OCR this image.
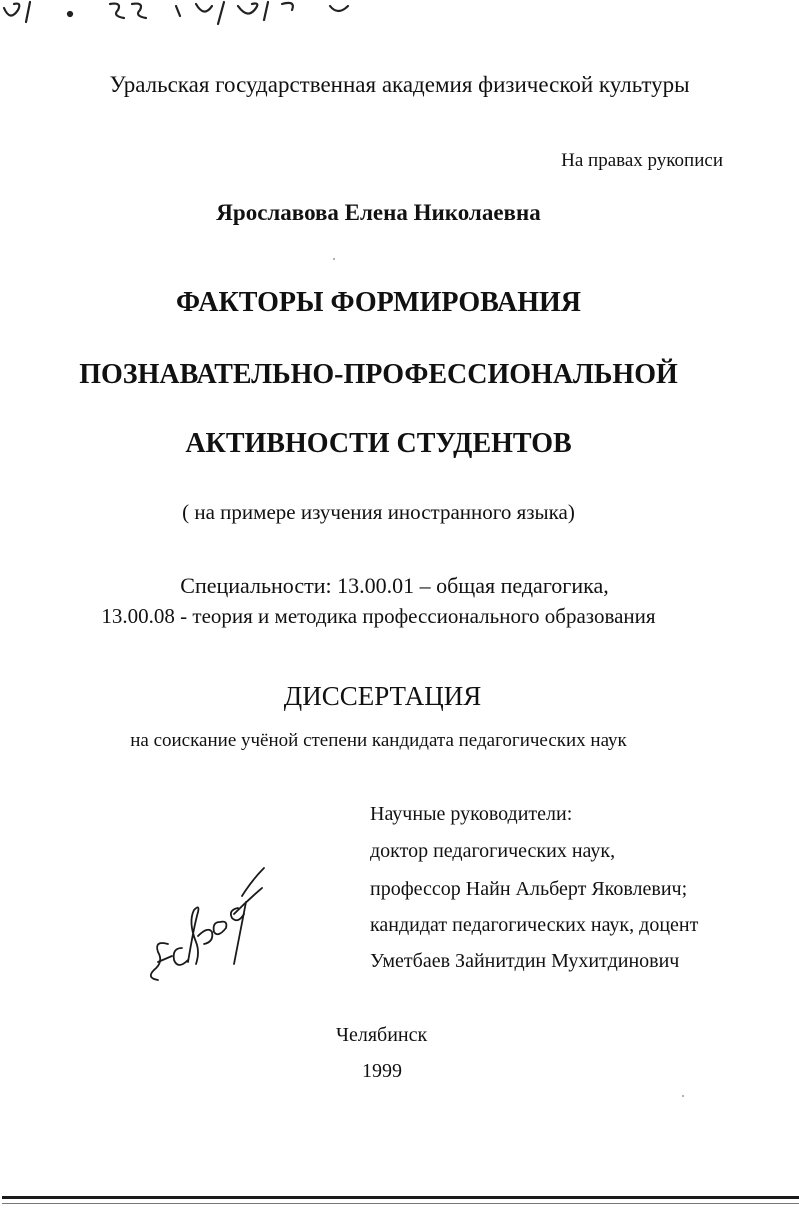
Уральская государственная академия физической культуры
На правах рукописи
Ярославова Елена Николаевна
ФАКТОРЫ ФОРМИРОВАНИЯ
ПОЗНАВАТЕЛЬНО-ПРОФЕССИОНАЛЬНОЙ
АКТИВНОСТИ СТУДЕНТОВ
( на примере изучения иностранного языка)
Специальности: 13.00.01 – общая педагогика,
13.00.08 - теория и методика профессионального образования
ДИССЕРТАЦИЯ
на соискание учёной степени кандидата педагогических наук
Научные руководители:
доктор педагогических наук,
профессор Найн Альберт Яковлевич;
кандидат педагогических наук, доцент
Уметбаев Зайнитдин Мухитдинович
Челябинск
1999
